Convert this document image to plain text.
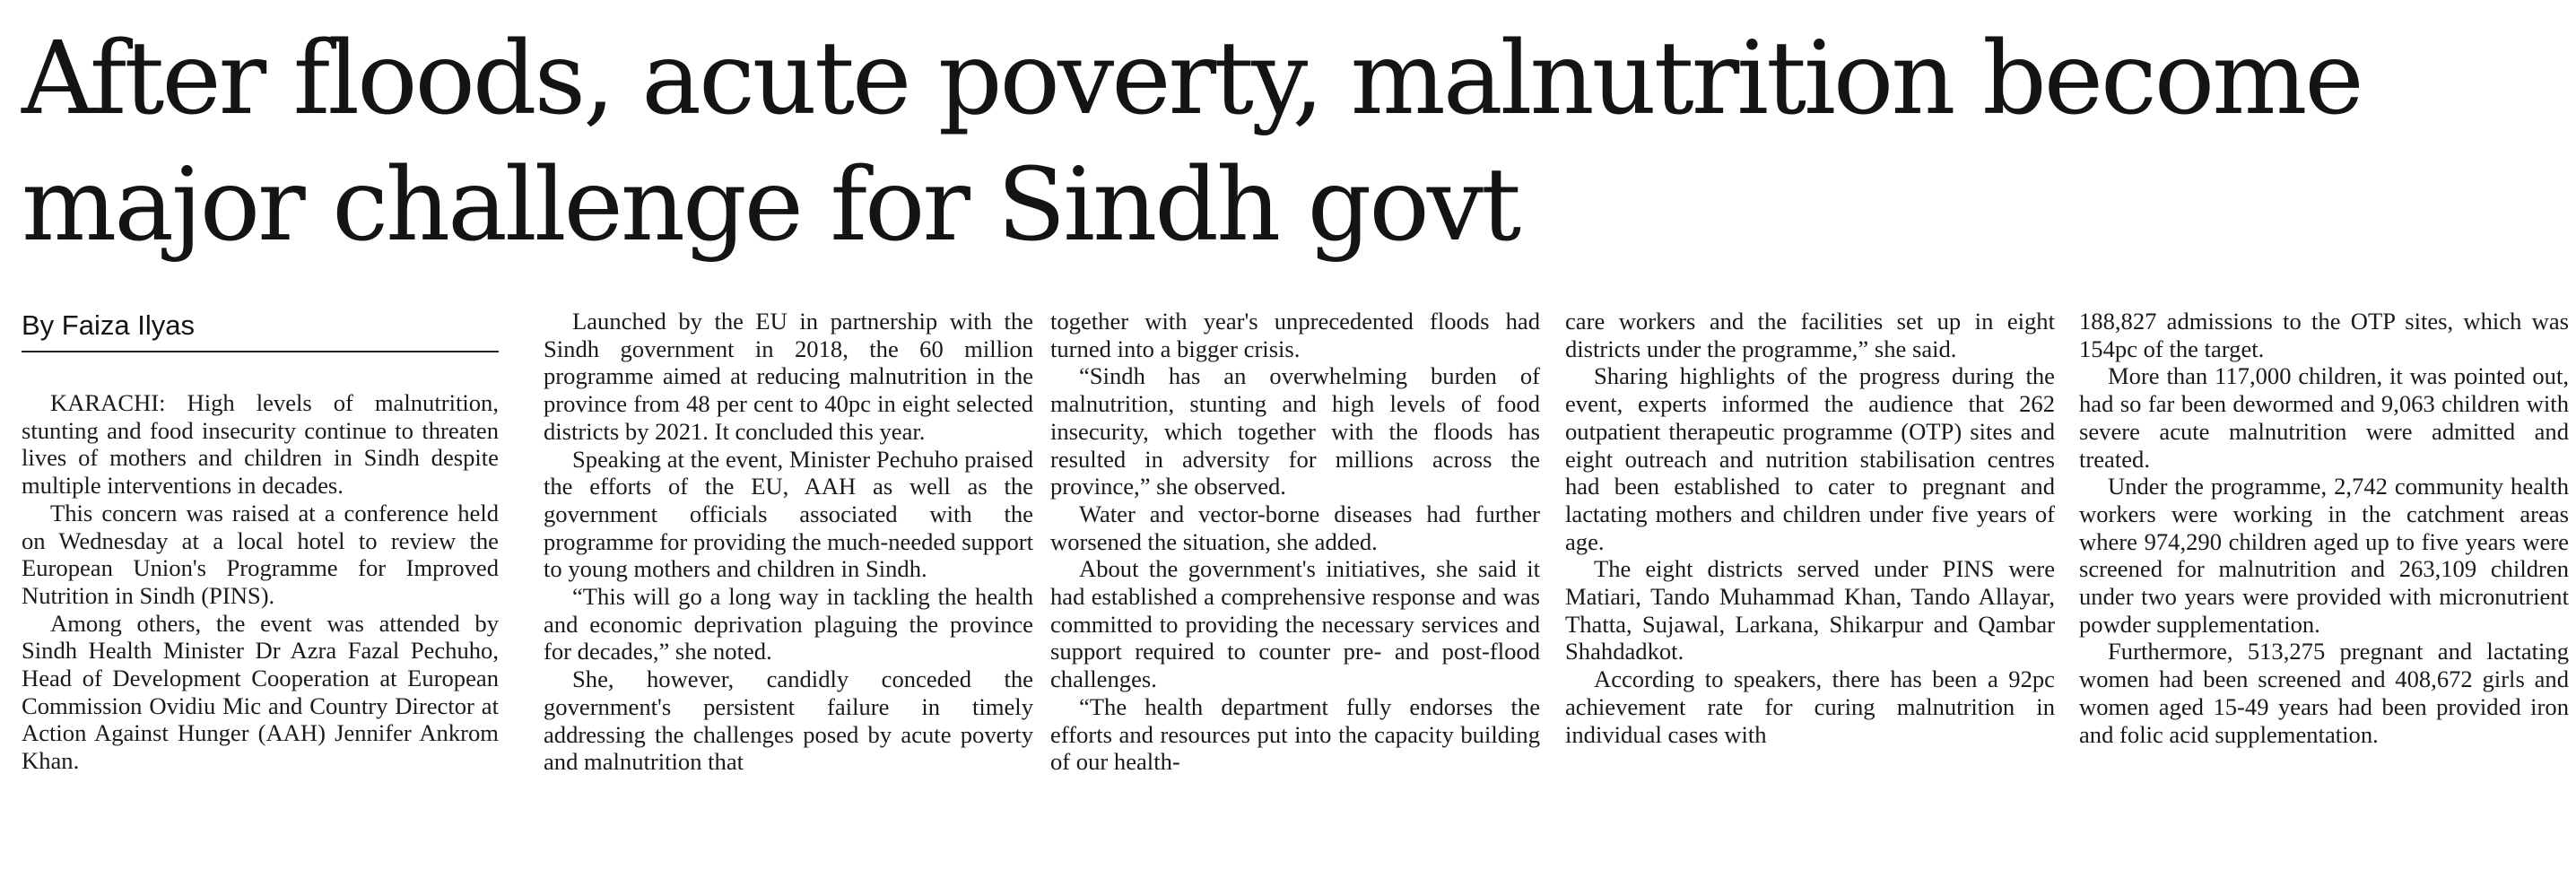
After floods, acute poverty, malnutrition become
major challenge for Sindh govt
By Faiza Ilyas

KARACHI: High levels of malnutrition, stunting and food insecurity continue to threaten lives of mothers and children in Sindh despite multiple interventions in decades.

This concern was raised at a conference held on Wednesday at a local hotel to review the European Union's Programme for Improved Nutrition in Sindh (PINS).

Among others, the event was attended by Sindh Health Minister Dr Azra Fazal Pechuho, Head of Development Cooperation at European Commission Ovidiu Mic and Country Director at Action Against Hunger (AAH) Jennifer Ankrom Khan.

Launched by the EU in partnership with the Sindh government in 2018, the 60 million programme aimed at reducing malnutrition in the province from 48 per cent to 40pc in eight selected districts by 2021. It concluded this year.

Speaking at the event, Minister Pechuho praised the efforts of the EU, AAH as well as the government officials associated with the programme for providing the much-needed support to young mothers and children in Sindh.

“This will go a long way in tackling the health and economic deprivation plaguing the province for decades,” she noted.

She, however, candidly conceded the government's persistent failure in timely addressing the challenges posed by acute poverty and malnutrition that

together with year's unprecedented floods had turned into a bigger crisis.

“Sindh has an overwhelming burden of malnutrition, stunting and high levels of food insecurity, which together with the floods has resulted in adversity for millions across the province,” she observed.

Water and vector-borne diseases had further worsened the situation, she added.

About the government's initiatives, she said it had established a comprehensive response and was committed to providing the necessary services and support required to counter pre- and post-flood challenges.

“The health department fully endorses the efforts and resources put into the capacity building of our health-

care workers and the facilities set up in eight districts under the programme,” she said.

Sharing highlights of the progress during the event, experts informed the audience that 262 outpatient therapeutic programme (OTP) sites and eight outreach and nutrition stabilisation centres had been established to cater to pregnant and lactating mothers and children under five years of age.

The eight districts served under PINS were Matiari, Tando Muhammad Khan, Tando Allayar, Thatta, Sujawal, Larkana, Shikarpur and Qambar Shahdadkot.

According to speakers, there has been a 92pc achievement rate for curing malnutrition in individual cases with

188,827 admissions to the OTP sites, which was 154pc of the target.

More than 117,000 children, it was pointed out, had so far been dewormed and 9,063 children with severe acute malnutrition were admitted and treated.

Under the programme, 2,742 community health workers were working in the catchment areas where 974,290 children aged up to five years were screened for malnutrition and 263,109 children under two years were provided with micronutrient powder supplementation.

Furthermore, 513,275 pregnant and lactating women had been screened and 408,672 girls and women aged 15-49 years had been provided iron and folic acid supplementation.
